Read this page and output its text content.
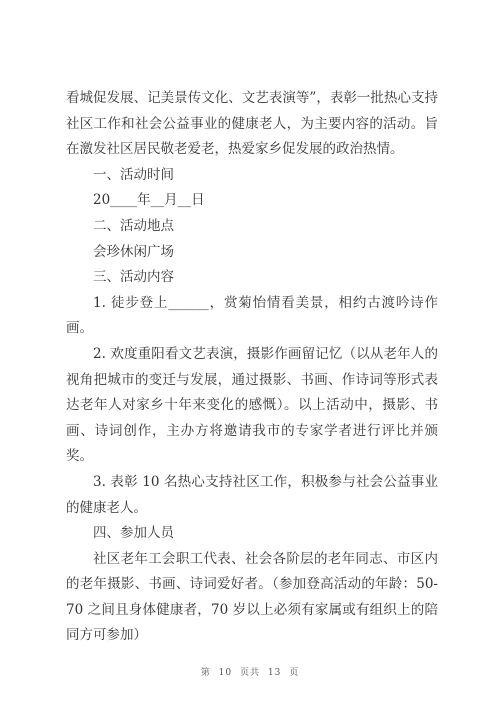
看城促发展、记美景传文化、文艺表演等”，表彰一批热心支持社区工作和社会公益事业的健康老人，为主要内容的活动。旨在激发社区居民敬老爱老，热爱家乡促发展的政治热情。

一、活动时间

20____年__月__日

二、活动地点

会珍休闲广场

三、活动内容

1. 徒步登上______，赏菊怡情看美景，相约古渡吟诗作画。

2. 欢度重阳看文艺表演，摄影作画留记忆（以从老年人的视角把城市的变迁与发展，通过摄影、书画、作诗词等形式表达老年人对家乡十年来变化的感慨）。以上活动中，摄影、书画、诗词创作，主办方将邀请我市的专家学者进行评比并颁奖。

3. 表彰 10 名热心支持社区工作，积极参与社会公益事业的健康老人。

四、参加人员

社区老年工会职工代表、社会各阶层的老年同志、市区内的老年摄影、书画、诗词爱好者。（参加登高活动的年龄：50-70 之间且身体健康者，70 岁以上必须有家属或有组织上的陪同方可参加）

第 10 页共 13 页
